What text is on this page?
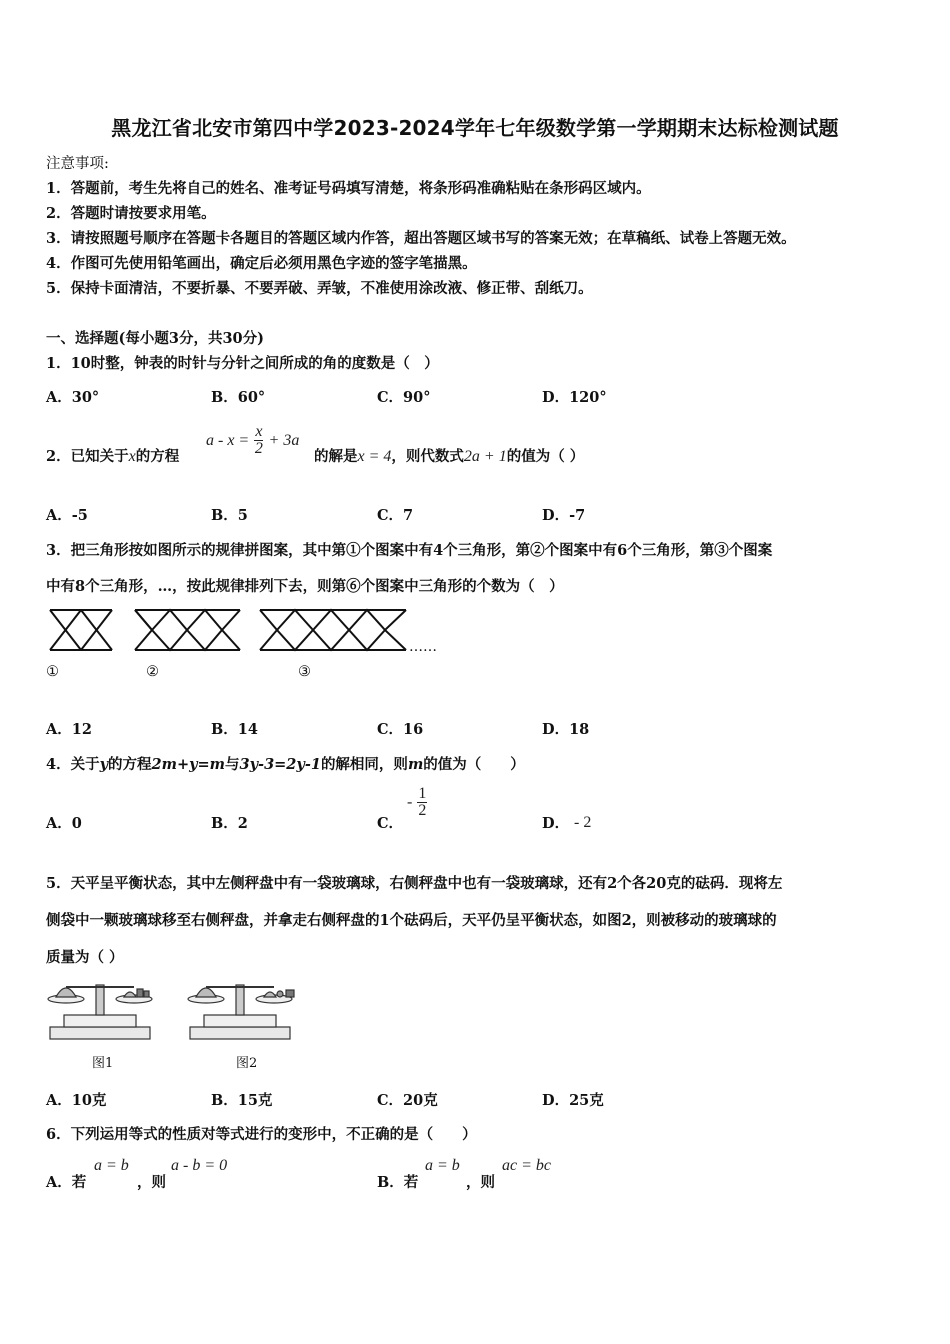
黑龙江省北安市第四中学2023-2024学年七年级数学第一学期期末达标检测试题
注意事项:
1．答题前，考生先将自己的姓名、准考证号码填写清楚，将条形码准确粘贴在条形码区域内。
2．答题时请按要求用笔。
3．请按照题号顺序在答题卡各题目的答题区域内作答，超出答题区域书写的答案无效；在草稿纸、试卷上答题无效。
4．作图可先使用铅笔画出，确定后必须用黑色字迹的签字笔描黑。
5．保持卡面清洁，不要折暴、不要弄破、弄皱，不准使用涂改液、修正带、刮纸刀。
一、选择题(每小题3分，共30分)
1．10时整，钟表的时针与分针之间所成的角的度数是（　）
A．30°	B．60°	C．90°	D．120°
2．已知关于x的方程
$a - x = \frac{x}{2} + 3a$
的解是x = 4，则代数式2a + 1的值为（ ）
A．-5	B．5	C．7	D．-7
3．把三角形按如图所示的规律拼图案，其中第①个图案中有4个三角形，第②个图案中有6个三角形，第③个图案
中有8个三角形，…，按此规律排列下去，则第⑥个图案中三角形的个数为（　）
……
①	②	③
A．12	B．14	C．16	D．18
4．关于y的方程2m+y=m与3y-3=2y-1的解相同，则m的值为（　　）
A．0	B．2	C．
- $\frac{1}{2}$
D． - 2
5．天平呈平衡状态，其中左侧秤盘中有一袋玻璃球，右侧秤盘中也有一袋玻璃球，还有2个各20克的砝码．现将左
侧袋中一颗玻璃球移至右侧秤盘，并拿走右侧秤盘的1个砝码后，天平仍呈平衡状态，如图2，则被移动的玻璃球的
质量为（ ）
图1	图2
A．10克	B．15克	C．20克	D．25克
6．下列运用等式的性质对等式进行的变形中，不正确的是（　　）
A．若
a = b
，则
a - b = 0
B．若
a = b
，则
ac = bc
